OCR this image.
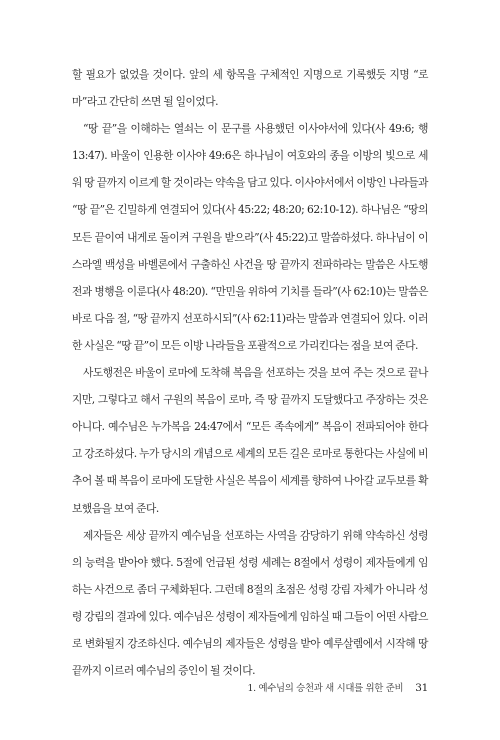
할 필요가 없었을 것이다. 앞의 세 항목을 구체적인 지명으로 기록했듯 지명 “로마”라고 간단히 쓰면 될 일이었다.

“땅 끝”을 이해하는 열쇠는 이 문구를 사용했던 이사야서에 있다(사 49:6; 행 13:47). 바울이 인용한 이사야 49:6은 하나님이 여호와의 종을 이방의 빛으로 세워 땅 끝까지 이르게 할 것이라는 약속을 담고 있다. 이사야서에서 이방인 나라들과 “땅 끝”은 긴밀하게 연결되어 있다(사 45:22; 48:20; 62:10-12). 하나님은 “땅의 모든 끝이여 내게로 돌이켜 구원을 받으라”(사 45:22)고 말씀하셨다. 하나님이 이스라엘 백성을 바벨론에서 구출하신 사건을 땅 끝까지 전파하라는 말씀은 사도행전과 병행을 이룬다(사 48:20). “만민을 위하여 기치를 들라”(사 62:10)는 말씀은 바로 다음 절, “땅 끝까지 선포하시되”(사 62:11)라는 말씀과 연결되어 있다. 이러한 사실은 “땅 끝”이 모든 이방 나라들을 포괄적으로 가리킨다는 점을 보여 준다.

사도행전은 바울이 로마에 도착해 복음을 선포하는 것을 보여 주는 것으로 끝나지만, 그렇다고 해서 구원의 복음이 로마, 즉 땅 끝까지 도달했다고 주장하는 것은 아니다. 예수님은 누가복음 24:47에서 “모든 족속에게” 복음이 전파되어야 한다고 강조하셨다. 누가 당시의 개념으로 세계의 모든 길은 로마로 통한다는 사실에 비추어 볼 때 복음이 로마에 도달한 사실은 복음이 세계를 향하여 나아갈 교두보를 확보했음을 보여 준다.

제자들은 세상 끝까지 예수님을 선포하는 사역을 감당하기 위해 약속하신 성령의 능력을 받아야 했다. 5절에 언급된 성령 세례는 8절에서 성령이 제자들에게 임하는 사건으로 좀더 구체화된다. 그런데 8절의 초점은 성령 강림 자체가 아니라 성령 강림의 결과에 있다. 예수님은 성령이 제자들에게 임하실 때 그들이 어떤 사람으로 변화될지 강조하신다. 예수님의 제자들은 성령을 받아 예루살렘에서 시작해 땅 끝까지 이르러 예수님의 증인이 될 것이다.

1. 예수님의 승천과 새 시대를 위한 준비 31
